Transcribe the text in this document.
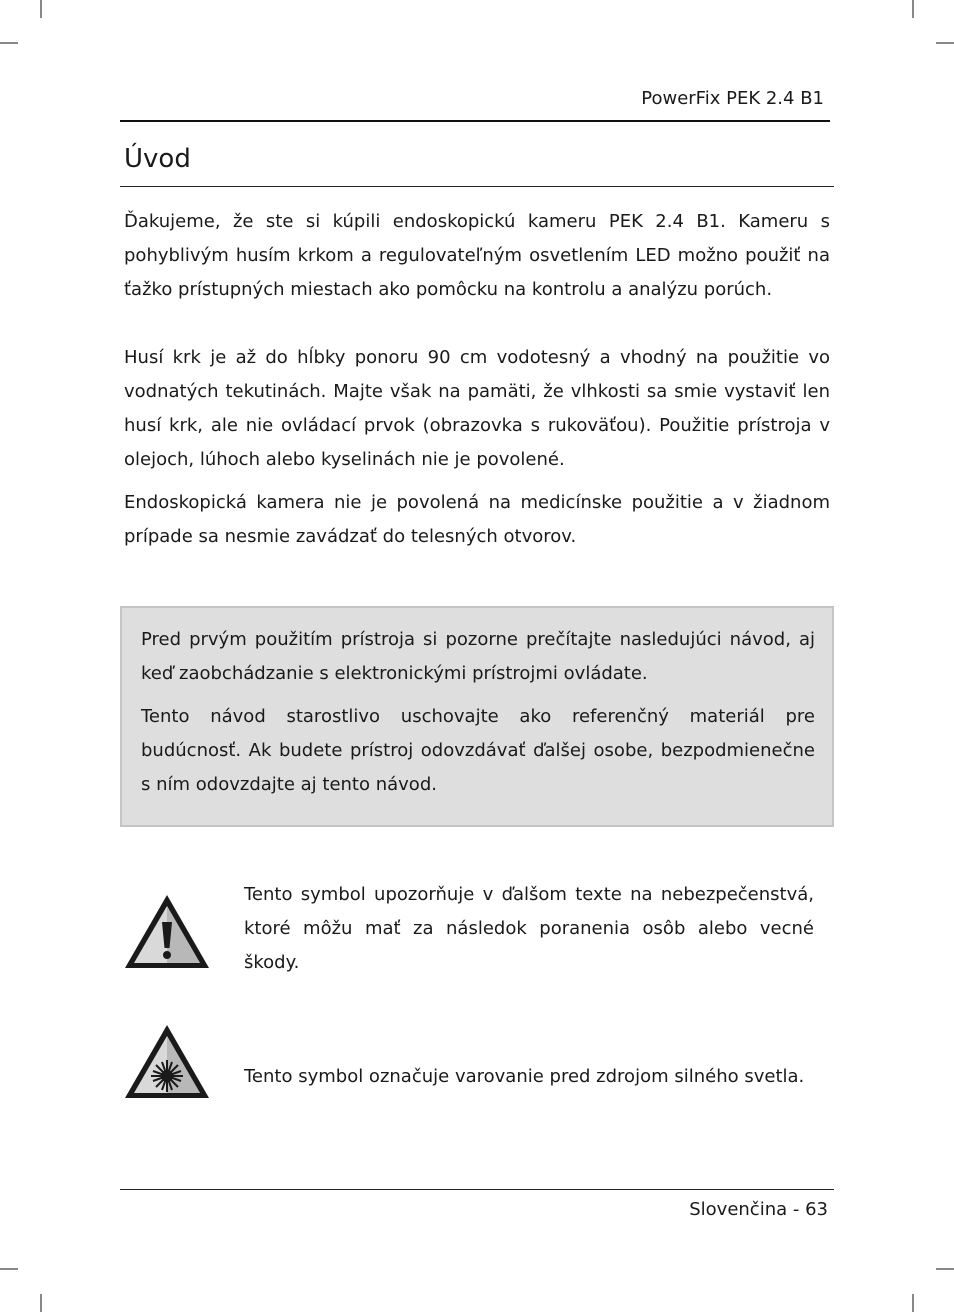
PowerFix PEK 2.4 B1
Úvod

Ďakujeme, že ste si kúpili endoskopickú kameru PEK 2.4 B1. Kameru s pohyblivým husím krkom a regulovateľným osvetlením LED možno použiť na ťažko prístupných miestach ako pomôcku na kontrolu a analýzu porúch.

Husí krk je až do hĺbky ponoru 90 cm vodotesný a vhodný na použitie vo vodnatých tekutinách. Majte však na pamäti, že vlhkosti sa smie vystaviť len husí krk, ale nie ovládací prvok (obrazovka s rukoväťou). Použitie prístroja v olejoch, lúhoch alebo kyselinách nie je povolené.

Endoskopická kamera nie je povolená na medicínske použitie a v žiadnom prípade sa nesmie zavádzať do telesných otvorov.

Pred prvým použitím prístroja si pozorne prečítajte nasledujúci návod, aj keď zaobchádzanie s elektronickými prístrojmi ovládate.

Tento návod starostlivo uschovajte ako referenčný materiál pre budúcnosť. Ak budete prístroj odovzdávať ďalšej osobe, bezpodmienečne s ním odovzdajte aj tento návod.

Tento symbol upozorňuje v ďalšom texte na nebezpečenstvá, ktoré môžu mať za následok poranenia osôb alebo vecné škody.

Tento symbol označuje varovanie pred zdrojom silného svetla.

Slovenčina - 63
